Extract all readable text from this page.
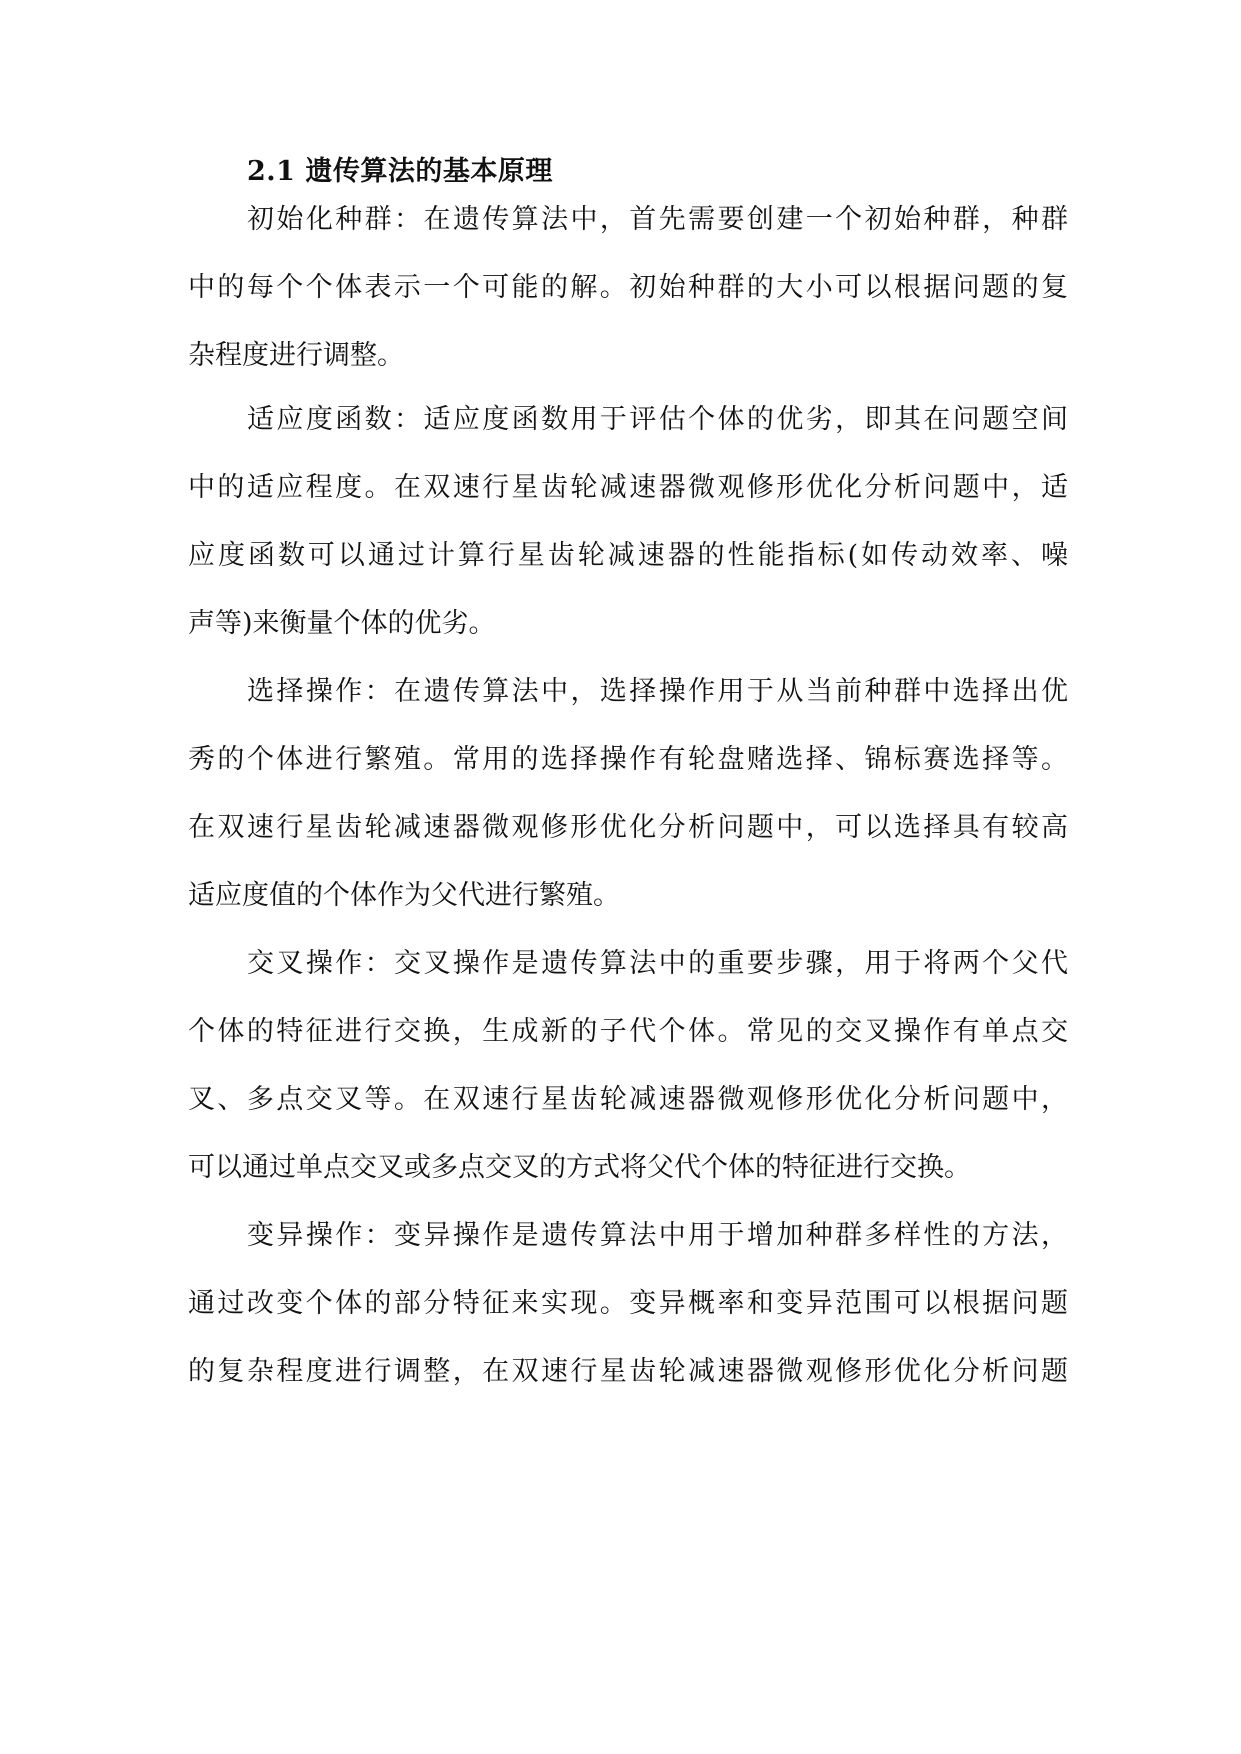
2.1 遗传算法的基本原理

初始化种群：在遗传算法中，首先需要创建一个初始种群，种群

中的每个个体表示一个可能的解。初始种群的大小可以根据问题的复

杂程度进行调整。

适应度函数：适应度函数用于评估个体的优劣，即其在问题空间

中的适应程度。在双速行星齿轮减速器微观修形优化分析问题中，适

应度函数可以通过计算行星齿轮减速器的性能指标(如传动效率、噪

声等)来衡量个体的优劣。

选择操作：在遗传算法中，选择操作用于从当前种群中选择出优

秀的个体进行繁殖。常用的选择操作有轮盘赌选择、锦标赛选择等。

在双速行星齿轮减速器微观修形优化分析问题中，可以选择具有较高

适应度值的个体作为父代进行繁殖。

交叉操作：交叉操作是遗传算法中的重要步骤，用于将两个父代

个体的特征进行交换，生成新的子代个体。常见的交叉操作有单点交

叉、多点交叉等。在双速行星齿轮减速器微观修形优化分析问题中，

可以通过单点交叉或多点交叉的方式将父代个体的特征进行交换。

变异操作：变异操作是遗传算法中用于增加种群多样性的方法，

通过改变个体的部分特征来实现。变异概率和变异范围可以根据问题

的复杂程度进行调整，在双速行星齿轮减速器微观修形优化分析问题
